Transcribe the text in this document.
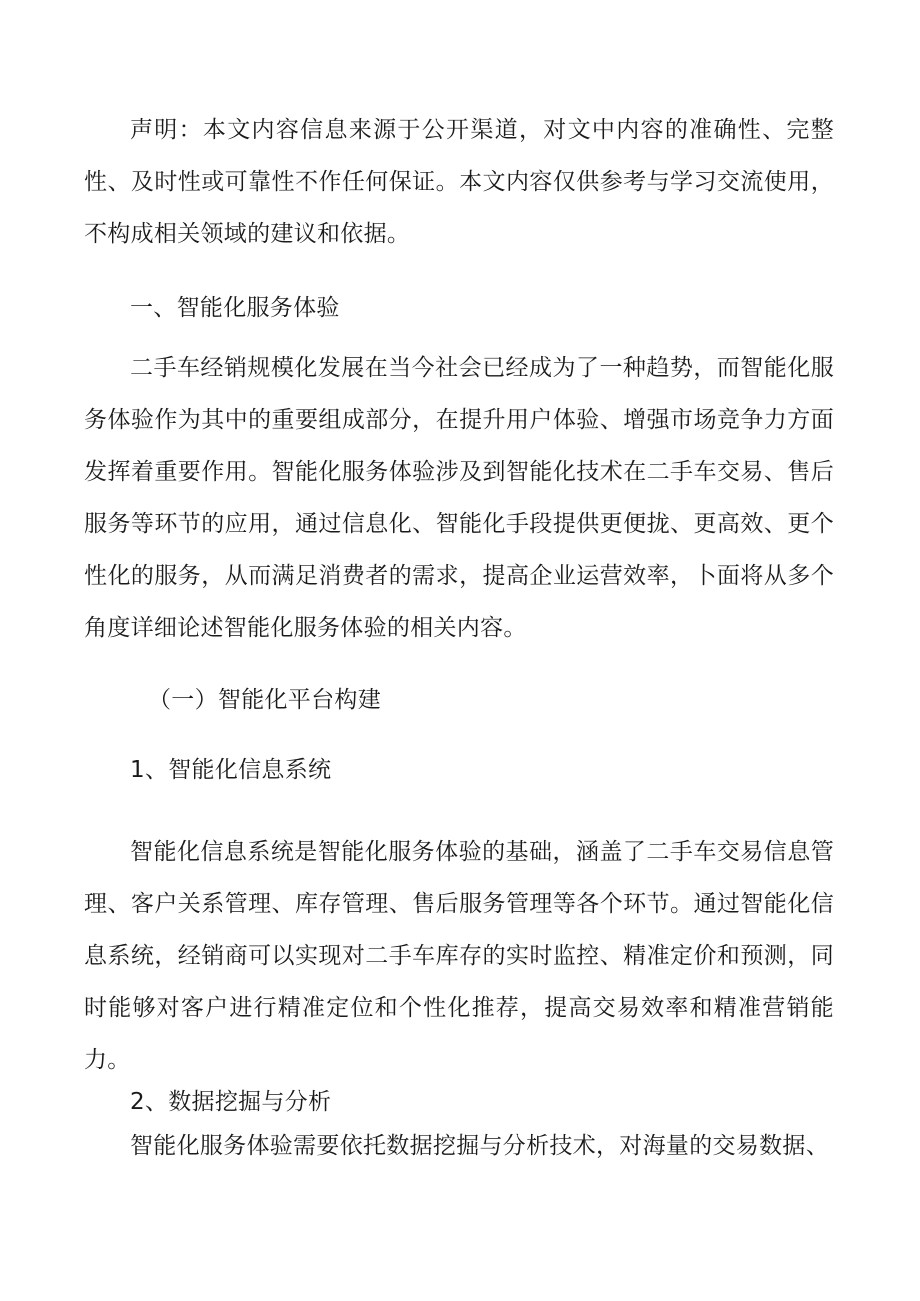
声明：本文内容信息来源于公开渠道，对文中内容的准确性、完整性、及时性或可靠性不作任何保证。本文内容仅供参考与学习交流使用，不构成相关领域的建议和依据。

一、智能化服务体验

二手车经销规模化发展在当今社会已经成为了一种趋势，而智能化服务体验作为其中的重要组成部分，在提升用户体验、增强市场竞争力方面发挥着重要作用。智能化服务体验涉及到智能化技术在二手车交易、售后服务等环节的应用，通过信息化、智能化手段提供更便拢、更高效、更个性化的服务，从而满足消费者的需求，提高企业运营效率，卜面将从多个角度详细论述智能化服务体验的相关内容。

（一）智能化平台构建

1、智能化信息系统

智能化信息系统是智能化服务体验的基础，涵盖了二手车交易信息管理、客户关系管理、库存管理、售后服务管理等各个环节。通过智能化信息系统，经销商可以实现对二手车库存的实时监控、精准定价和预测，同时能够对客户进行精准定位和个性化推荐，提高交易效率和精准营销能力。

2、数据挖掘与分析

智能化服务体验需要依托数据挖掘与分析技术，对海量的交易数据、
